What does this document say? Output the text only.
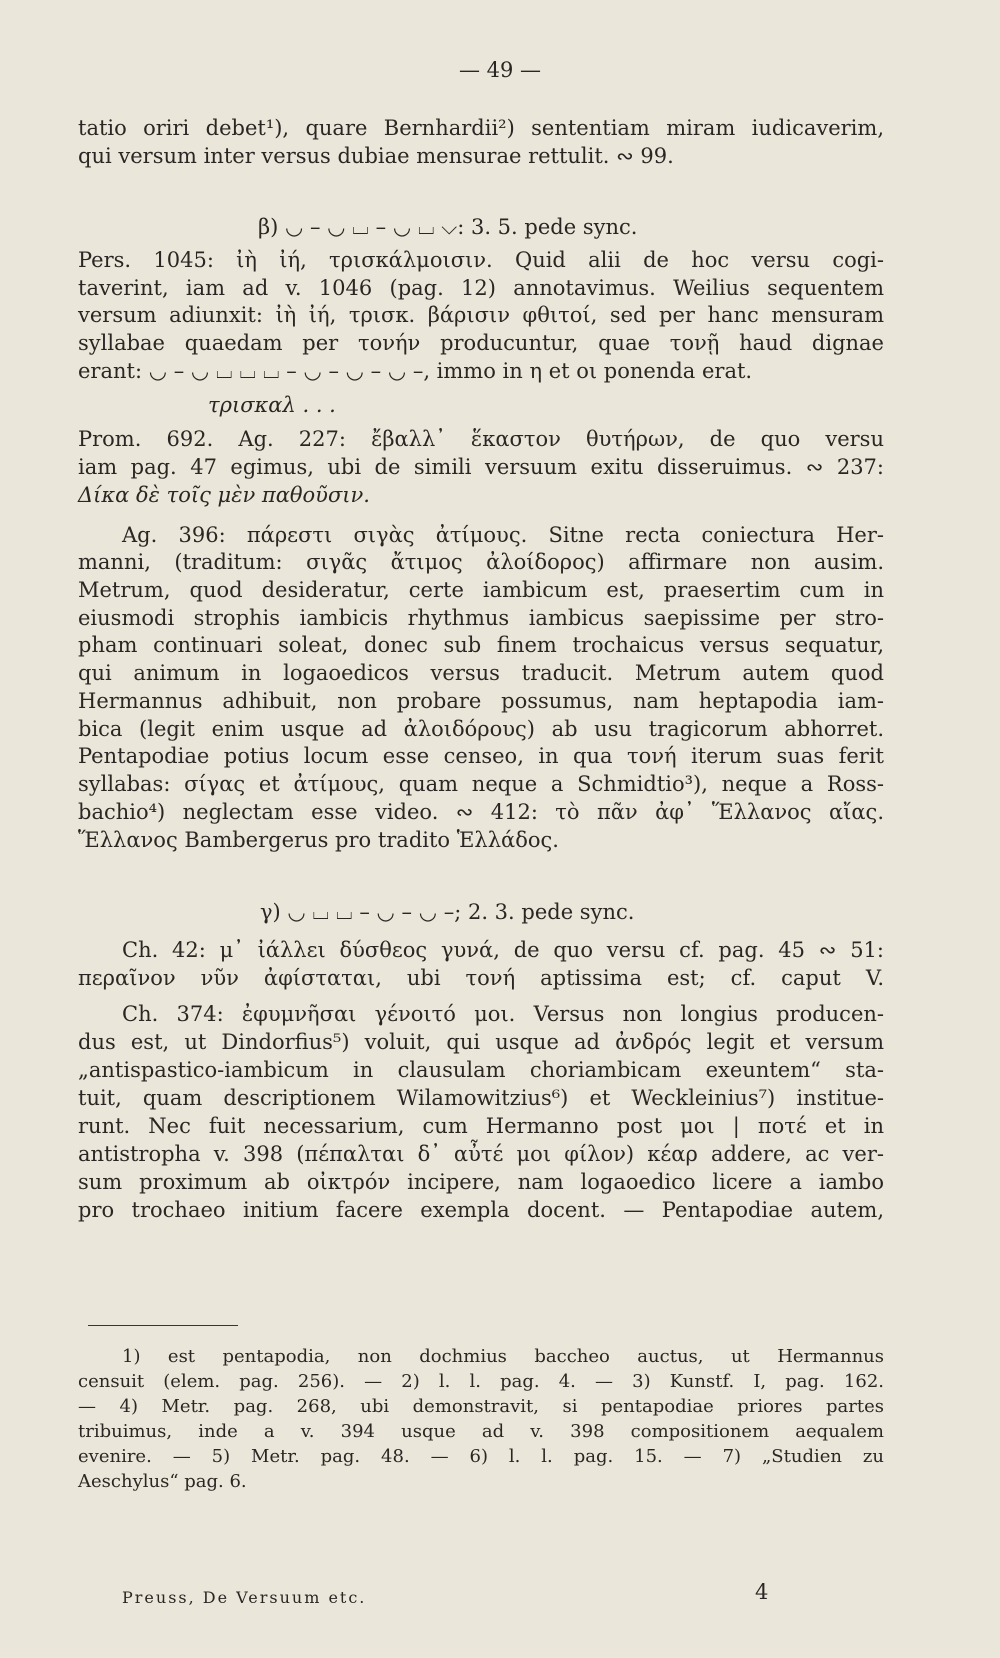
— 49 —
tatio oriri debet¹), quare Bernhardii²) sententiam miram iudicaverim,
qui versum inter versus dubiae mensurae rettulit. ∾ 99.
β) ◡ – ◡ ⌴ – ◡ ⌴ ⌵: 3. 5. pede sync.
Pers. 1045: ἰὴ ἰή, τρισκάλμοισιν. Quid alii de hoc versu cogi-
taverint, iam ad v. 1046 (pag. 12) annotavimus. Weilius sequentem
versum adiunxit: ἰὴ ἰή, τρισκ. βάρισιν φθιτοί, sed per hanc mensuram
syllabae quaedam per τονήν producuntur, quae τονῇ haud dignae
erant: ◡ – ◡ ⌴ ⌴ ⌴ – ◡ – ◡ – ◡ –, immo in η et οι ponenda erat.
τρισκαλ . . .
Prom. 692. Ag. 227: ἔβαλλ᾽ ἕκαστον θυτήρων, de quo versu
iam pag. 47 egimus, ubi de simili versuum exitu disseruimus. ∾ 237:
Δίκα δὲ τοῖς μὲν παθοῦσιν.
Ag. 396: πάρεστι σιγὰς ἀτίμους. Sitne recta coniectura Her-
manni, (traditum: σιγᾶς ἄτιμος ἀλοίδορος) affirmare non ausim.
Metrum, quod desideratur, certe iambicum est, praesertim cum in
eiusmodi strophis iambicis rhythmus iambicus saepissime per stro-
pham continuari soleat, donec sub finem trochaicus versus sequatur,
qui animum in logaoedicos versus traducit. Metrum autem quod
Hermannus adhibuit, non probare possumus, nam heptapodia iam-
bica (legit enim usque ad ἀλοιδόρους) ab usu tragicorum abhorret.
Pentapodiae potius locum esse censeo, in qua τονή iterum suas ferit
syllabas: σίγας et ἀτίμους, quam neque a Schmidtio³), neque a Ross-
bachio⁴) neglectam esse video. ∾ 412: τὸ πᾶν ἀφ᾽ Ἕλλανος αἴας.
Ἕλλανος Bambergerus pro tradito Ἑλλάδος.
γ) ◡ ⌴ ⌴ – ◡ – ◡ –; 2. 3. pede sync.
Ch. 42: μ᾽ ἰάλλει δύσθεος γυνά, de quo versu cf. pag. 45 ∾ 51:
περαῖνον νῦν ἀφίσταται, ubi τονή aptissima est; cf. caput V.
Ch. 374: ἐφυμνῆσαι γένοιτό μοι. Versus non longius producen-
dus est, ut Dindorfius⁵) voluit, qui usque ad ἀνδρός legit et versum
„antispastico-iambicum in clausulam choriambicam exeuntem“ sta-
tuit, quam descriptionem Wilamowitzius⁶) et Weckleinius⁷) institue-
runt. Nec fuit necessarium, cum Hermanno post μοι | ποτέ et in
antistropha v. 398 (πέπαλται δ᾽ αὖτέ μοι φίλον) κέαρ addere, ac ver-
sum proximum ab οἰκτρόν incipere, nam logaoedico licere a iambo
pro trochaeo initium facere exempla docent. — Pentapodiae autem,
1) est pentapodia, non dochmius baccheo auctus, ut Hermannus
censuit (elem. pag. 256). — 2) l. l. pag. 4. — 3) Kunstf. I, pag. 162.
— 4) Metr. pag. 268, ubi demonstravit, si pentapodiae priores partes
tribuimus, inde a v. 394 usque ad v. 398 compositionem aequalem
evenire. — 5) Metr. pag. 48. — 6) l. l. pag. 15. — 7) „Studien zu
Aeschylus“ pag. 6.
Preuss, De Versuum etc.	4
